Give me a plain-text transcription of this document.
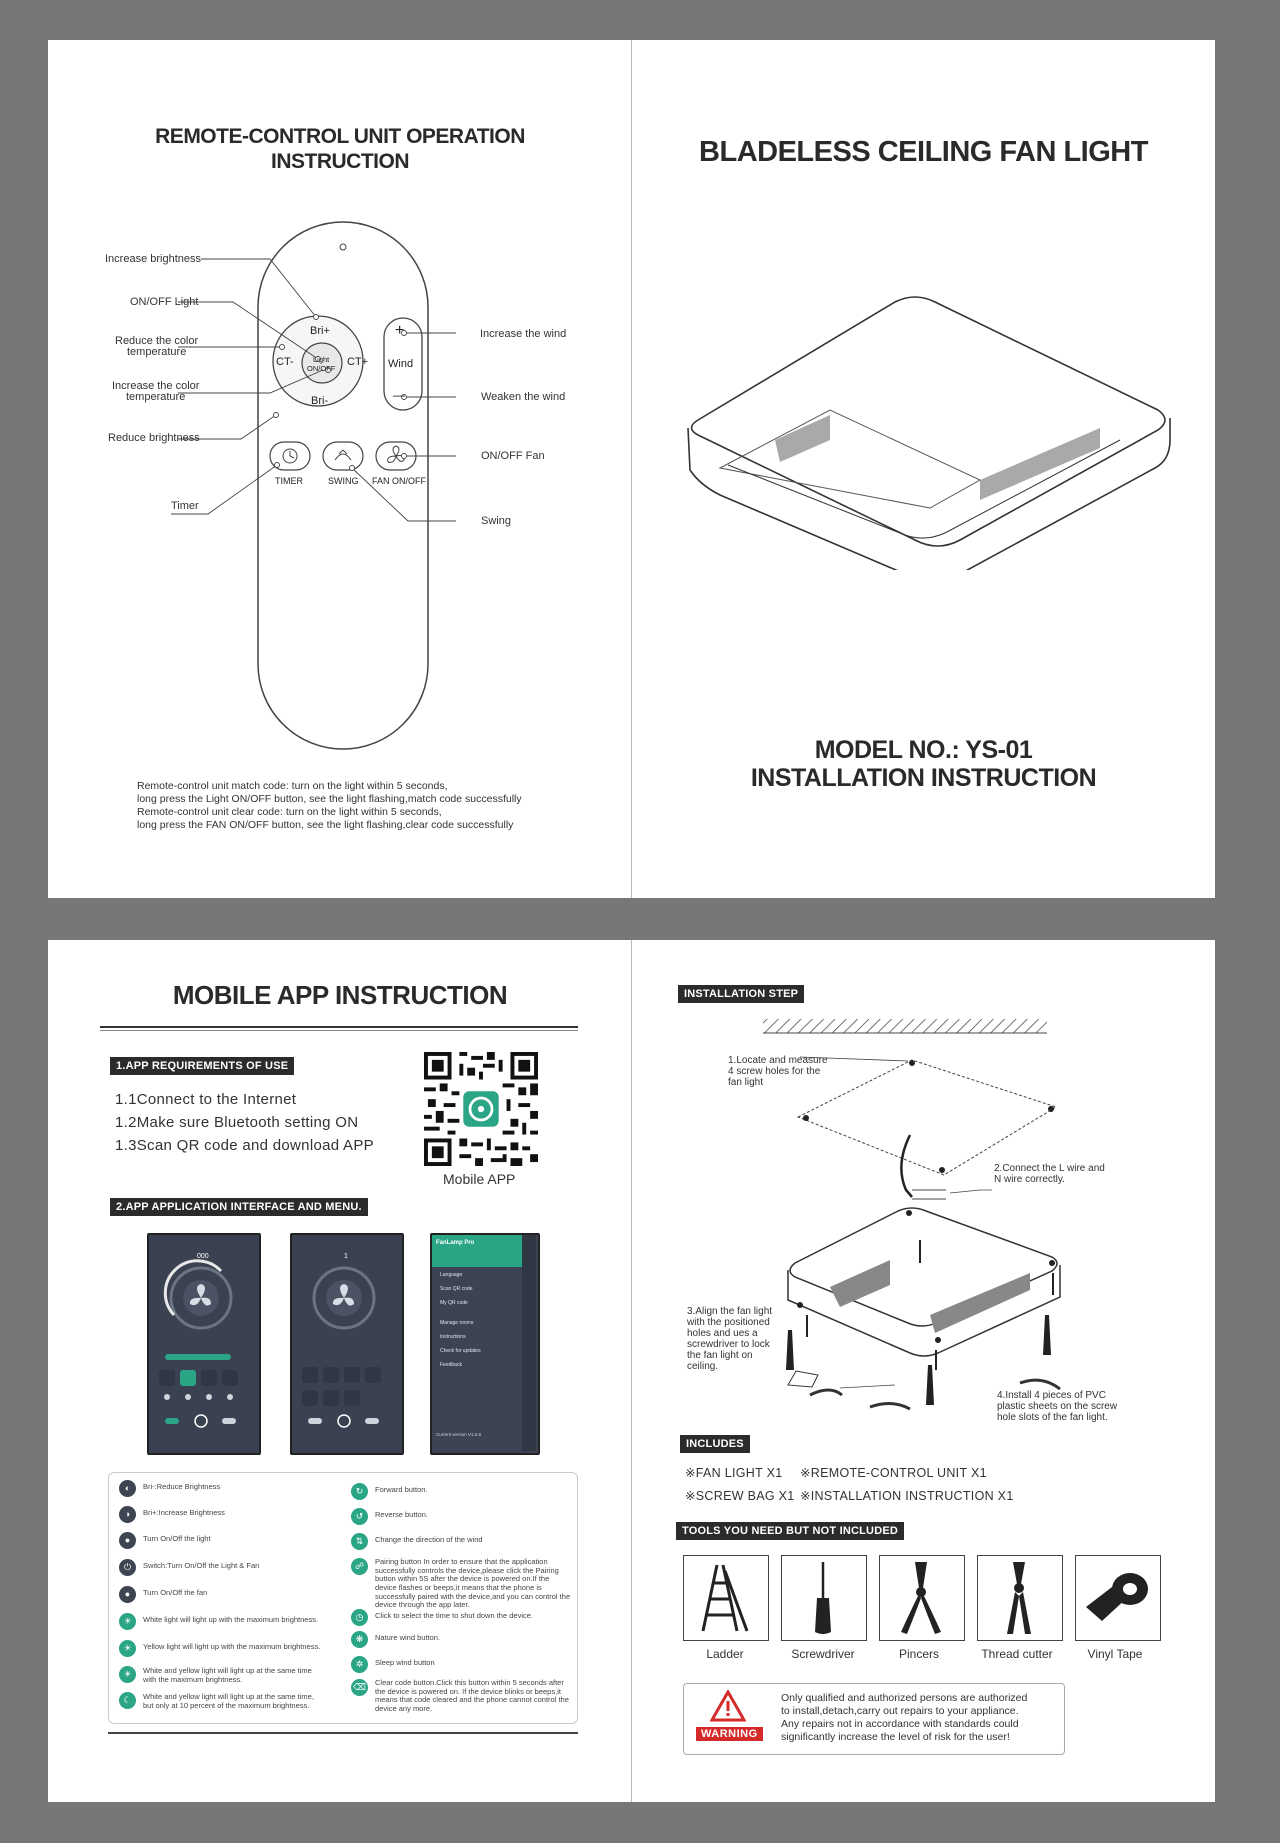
REMOTE-CONTROL UNIT OPERATION
INSTRUCTION
Bri+
Bri-
CT-	CT+
Light
ON/OFF
+
Wind
—
TIMER	SWING FAN ON/OFF
Increase brightness
ON/OFF Light
Reduce the color
temperature
Increase the color
temperature
Reduce brightness
Timer
Increase the wind
Weaken the wind
ON/OFF Fan
Swing
Remote-control unit match code: turn on the light within 5 seconds,
long press the Light ON/OFF button, see the light flashing,match code successfully
Remote-control unit clear code: turn on the light within 5 seconds,
long press the FAN ON/OFF button, see the light flashing,clear code successfully
BLADELESS CEILING FAN LIGHT
MODEL NO.: YS-01
INSTALLATION INSTRUCTION
MOBILE APP INSTRUCTION
1.APP REQUIREMENTS OF USE
1.1Connect to the Internet
1.2Make sure Bluetooth setting ON
1.3Scan QR code and download APP
Mobile APP
2.APP APPLICATION INTERFACE AND MENU.
000	1
FanLamp Pro
Language
Scan QR code
My QR code
Manage rooms
Instructions
Check for updates
Feedback
Current version V1.0.8
◐	Bri-:Reduce Brightness
◑	Bri+:Increase Brightness
●	Turn On/Off the light
⏻	Switch:Turn On/Off the Light & Fan
●	Turn On/Off the fan
☀	White light will light up with the maximum brightness.
☀	Yellow light will light up with the maximum brightness.
☀	White and yellow light will light up at the same time with the maximum brightness.
☾	White and yellow light will light up at the same time, but only at 10 percent of the maximum brightness.
↻	Forward button.
↺	Reverse button.
⇅	Change the direction of the wind
☍	Pairing button In order to ensure that the application successfully controls the device,please click the Pairing button within 5S after the device is powered on.If the device flashes or beeps,it means that the phone is successfully paired with the device,and you can control the device through the app later.
◷	Click to select the time to shut down the device.
❋	Nature wind button.
✲	Sleep wind button
⌫ Clear code button.Click this button within 5 seconds after the device is powered on. If the device blinks or beeps,it means that code cleared and the phone cannot control the device any more.
INSTALLATION STEP
1.Locate and measure
4 screw holes for the
fan light
2.Connect the L wire and
N wire correctly.
3.Align the fan light
with the positioned
holes and ues a
screwdriver to lock
the fan light on
ceiling.
4.Install 4 pieces of PVC
plastic sheets on the screw
hole slots of the fan light.
INCLUDES
※FAN LIGHT X1 ※REMOTE-CONTROL UNIT X1
※SCREW BAG X1 ※INSTALLATION INSTRUCTION X1
TOOLS YOU NEED BUT NOT INCLUDED
Ladder	Screwdriver	Pincers	Thread cutter	Vinyl Tape
WARNING
Only qualified and authorized persons are authorized
to install,detach,carry out repairs to your appliance.
Any repairs not in accordance with standards could
significantly increase the level of risk for the user!
